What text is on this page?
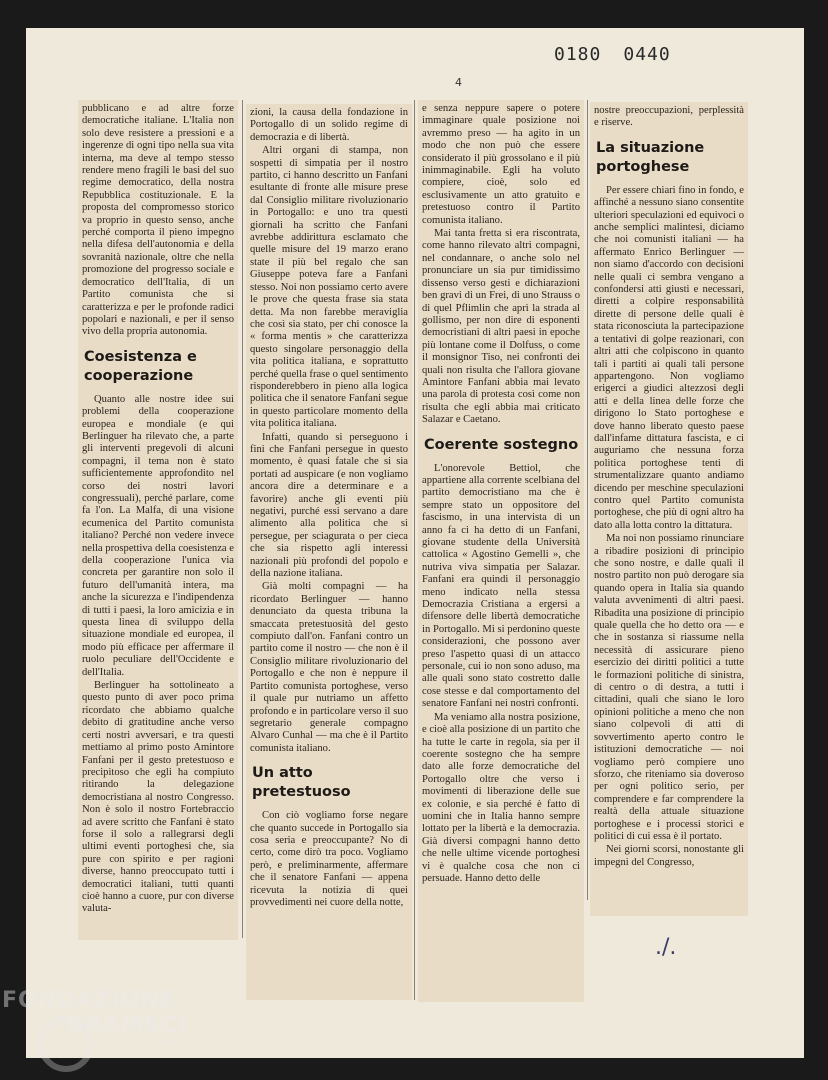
0180 0440
4

pubblicano e ad altre forze democratiche italiane. L'Italia non solo deve resistere a pressioni e a ingerenze di ogni tipo nella sua vita interna, ma deve al tempo stesso rendere meno fragili le basi del suo regime democratico, della nostra Repubblica costituzionale. E la proposta del compromesso storico va proprio in questo senso, anche perché comporta il pieno impegno nella difesa dell'autonomia e della sovranità nazionale, oltre che nella promozione del progresso sociale e democratico dell'Italia, di un Partito comunista che si caratterizza e per le profonde radici popolari e nazionali, e per il senso vivo della propria autonomia.

Coesistenza e cooperazione

Quanto alle nostre idee sui problemi della cooperazione europea e mondiale (e qui Berlinguer ha rilevato che, a parte gli interventi pregevoli di alcuni compagni, il tema non è stato sufficientemente approfondito nel corso dei nostri lavori congressuali), perché parlare, come fa l'on. La Malfa, di una visione ecumenica del Partito comunista italiano? Perché non vedere invece nella prospettiva della coesistenza e della cooperazione l'unica via concreta per garantire non solo il futuro dell'umanità intera, ma anche la sicurezza e l'indipendenza di tutti i paesi, la loro amicizia e in questa linea di sviluppo della situazione mondiale ed europea, il modo più efficace per affermare il ruolo peculiare dell'Occidente e dell'Italia.

Berlinguer ha sottolineato a questo punto di aver poco prima ricordato che abbiamo qualche debito di gratitudine anche verso certi nostri avversari, e tra questi mettiamo al primo posto Amintore Fanfani per il gesto pretestuoso e precipitoso che egli ha compiuto ritirando la delegazione democristiana al nostro Congresso. Non è solo il nostro Fortebraccio ad avere scritto che Fanfani è stato forse il solo a rallegrarsi degli ultimi eventi portoghesi che, sia pure con spirito e per ragioni diverse, hanno preoccupato tutti i democratici italiani, tutti quanti cioè hanno a cuore, pur con diverse valuta-

zioni, la causa della fondazione in Portogallo di un solido regime di democrazia e di libertà.

Altri organi di stampa, non sospetti di simpatia per il nostro partito, ci hanno descritto un Fanfani esultante di fronte alle misure prese dal Consiglio militare rivoluzionario in Portogallo: e uno tra questi giornali ha scritto che Fanfani avrebbe addirittura esclamato che quelle misure del 19 marzo erano state il più bel regalo che san Giuseppe poteva fare a Fanfani stesso. Noi non possiamo certo avere le prove che questa frase sia stata detta. Ma non farebbe meraviglia che così sia stato, per chi conosce la « forma mentis » che caratterizza questo singolare personaggio della vita politica italiana, e soprattutto perché quella frase o quel sentimento risponderebbero in pieno alla logica politica che il senatore Fanfani segue in questo particolare momento della vita politica italiana.

Infatti, quando si perseguono i fini che Fanfani persegue in questo momento, è quasi fatale che si sia portati ad auspicare (e non vogliamo ancora dire a determinare e a favorire) anche gli eventi più negativi, purché essi servano a dare alimento alla politica che si persegue, per sciagurata o per cieca che sia rispetto agli interessi nazionali più profondi del popolo e della nazione italiana.

Già molti compagni — ha ricordato Berlinguer — hanno denunciato da questa tribuna la smaccata pretestuosità del gesto compiuto dall'on. Fanfani contro un partito come il nostro — che non è il Consiglio militare rivoluzionario del Portogallo e che non è neppure il Partito comunista portoghese, verso il quale pur nutriamo un affetto profondo e in particolare verso il suo segretario generale compagno Alvaro Cunhal — ma che è il Partito comunista italiano.

Un atto pretestuoso

Con ciò vogliamo forse negare che quanto succede in Portogallo sia cosa seria e preoccupante? No di certo, come dirò tra poco. Vogliamo però, e preliminarmente, affermare che il senatore Fanfani — appena ricevuta la notizia di quei provvedimenti nei cuore della notte,

e senza neppure sapere o potere immaginare quale posizione noi avremmo preso — ha agito in un modo che non può che essere considerato il più grossolano e il più inimmaginabile. Egli ha voluto compiere, cioè, solo ed esclusivamente un atto gratuito e pretestuoso contro il Partito comunista italiano.

Mai tanta fretta si era riscontrata, come hanno rilevato altri compagni, nel condannare, o anche solo nel pronunciare un sia pur timidissimo dissenso verso gesti e dichiarazioni ben gravi di un Frei, di uno Strauss o di quel Pflimlin che aprì la strada al gollismo, per non dire di esponenti democristiani di altri paesi in epoche più lontane come il Dolfuss, o come il monsignor Tiso, nei confronti dei quali non risulta che l'allora giovane Amintore Fanfani abbia mai levato una parola di protesta così come non risulta che egli abbia mai criticato Salazar e Caetano.

Coerente sostegno

L'onorevole Bettiol, che appartiene alla corrente scelbiana del partito democristiano ma che è sempre stato un oppositore del fascismo, in una intervista di un anno fa ci ha detto di un Fanfani, giovane studente della Università cattolica « Agostino Gemelli », che nutriva viva simpatia per Salazar. Fanfani era quindi il personaggio meno indicato nella stessa Democrazia Cristiana a ergersi a difensore delle libertà democratiche in Portogallo. Mi si perdonino queste considerazioni, che possono aver preso l'aspetto quasi di un attacco personale, cui io non sono aduso, ma alle quali sono stato costretto dalle cose stesse e dal comportamento del senatore Fanfani nei nostri confronti.

Ma veniamo alla nostra posizione, e cioè alla posizione di un partito che ha tutte le carte in regola, sia per il coerente sostegno che ha sempre dato alle forze democratiche del Portogallo oltre che verso i movimenti di liberazione delle sue ex colonie, e sia perché è fatto di uomini che in Italia hanno sempre lottato per la libertà e la democrazia. Già diversi compagni hanno detto che nelle ultime vicende portoghesi vi è qualche cosa che non ci persuade. Hanno detto delle

nostre preoccupazioni, perplessità e riserve.

La situazione portoghese

Per essere chiari fino in fondo, e affinché a nessuno siano consentite ulteriori speculazioni ed equivoci o anche semplici malintesi, diciamo che noi comunisti italiani — ha affermato Enrico Berlinguer — non siamo d'accordo con decisioni nelle quali ci sembra vengano a confondersi atti giusti e necessari, diretti a colpire responsabilità dirette di persone delle quali è stata riconosciuta la partecipazione a tentativi di golpe reazionari, con altri atti che colpiscono in quanto tali i partiti ai quali tali persone appartengono. Non vogliamo erigerci a giudici altezzosi degli atti e della linea delle forze che dirigono lo Stato portoghese e dove hanno liberato questo paese dall'infame dittatura fascista, e ci auguriamo che nessuna forza politica portoghese tenti di strumentalizzare quanto andiamo dicendo per meschine speculazioni contro quel Partito comunista portoghese, che più di ogni altro ha dato alla lotta contro la dittatura.

Ma noi non possiamo rinunciare a ribadire posizioni di principio che sono nostre, e dalle quali il nostro partito non può derogare sia quando opera in Italia sia quando valuta avvenimenti di altri paesi. Ribadita una posizione di principio quale quella che ho detto ora — e che in sostanza si riassume nella necessità di assicurare pieno esercizio dei diritti politici a tutte le formazioni politiche di sinistra, di centro o di destra, a tutti i cittadini, quali che siano le loro opinioni politiche a meno che non siano colpevoli di atti di sovvertimento aperto contro le istituzioni democratiche — noi vogliamo però compiere uno sforzo, che riteniamo sia doveroso per ogni politico serio, per comprendere e far comprendere la realtà della attuale situazione portoghese e i processi storici e politici di cui essa è il portato.

Nei giorni scorsi, nonostante gli impegni del Congresso,

./.
FONDAZIONE
GRAMSCI
onlus
